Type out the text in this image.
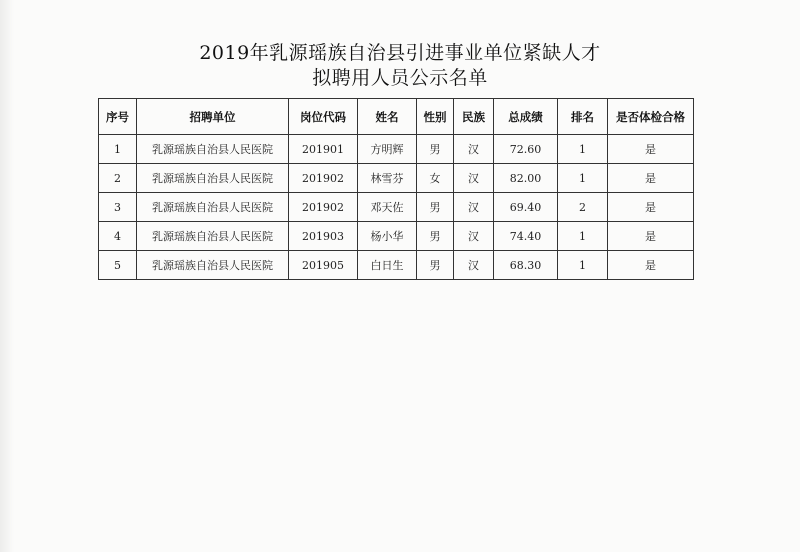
2019年乳源瑶族自治县引进事业单位紧缺人才
拟聘用人员公示名单
序号	招聘单位	岗位代码	姓名	性别	民族	总成绩	排名	是否体检合格
1	乳源瑶族自治县人民医院	201901	方明辉	男	汉	72.60	1	是
2	乳源瑶族自治县人民医院	201902	林雪芬	女	汉	82.00	1	是
3	乳源瑶族自治县人民医院	201902	邓天佐	男	汉	69.40	2	是
4	乳源瑶族自治县人民医院	201903	杨小华	男	汉	74.40	1	是
5	乳源瑶族自治县人民医院	201905	白日生	男	汉	68.30	1	是
